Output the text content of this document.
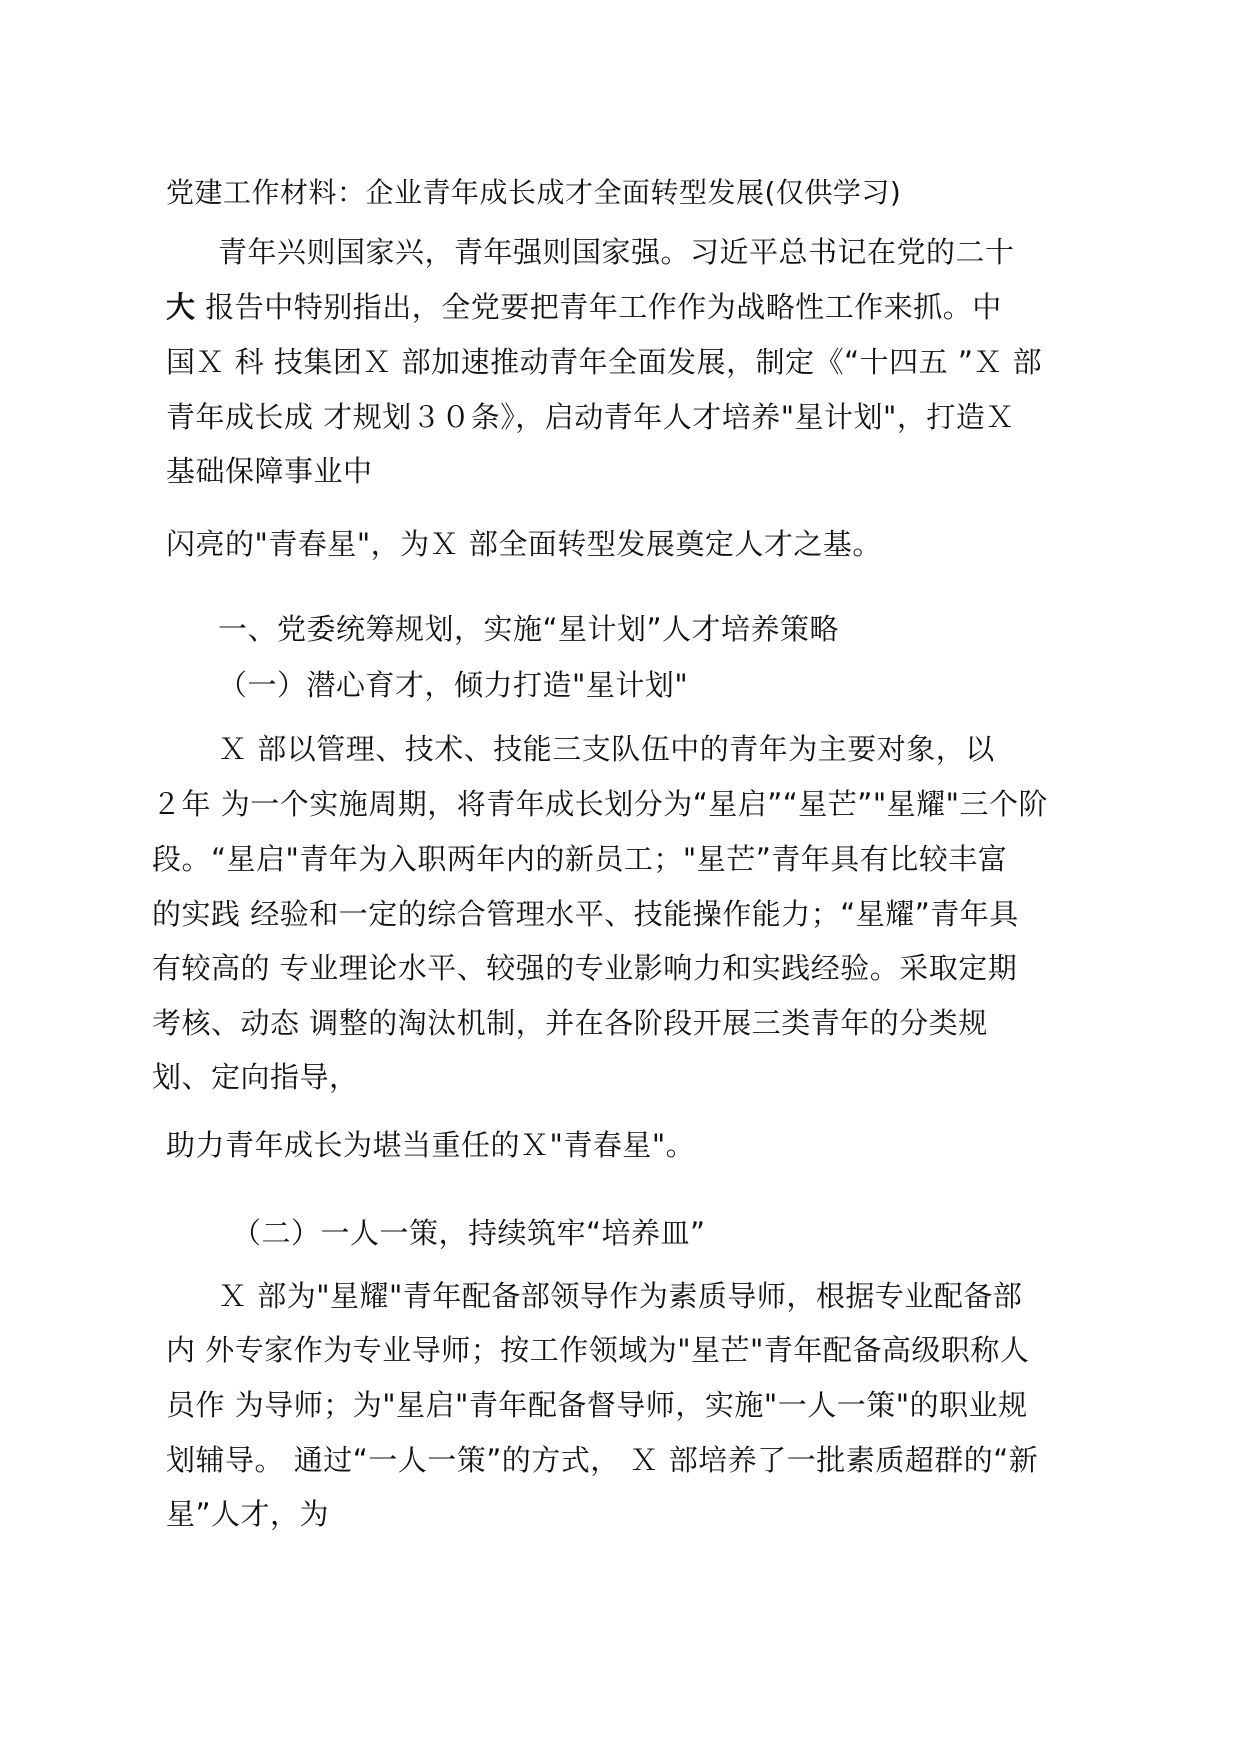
党建工作材料：企业青年成长成才全面转型发展(仅供学习)
青年兴则国家兴，青年强则国家强。习近平总书记在党的二十
大 报告中特别指出，全党要把青年工作作为战略性工作来抓。中
国Ｘ 科 技集团Ｘ 部加速推动青年全面发展，制定《“十四五 ”Ｘ 部
青年成长成 才规划３０条》，启动青年人才培养"星计划"，打造Ｘ
基础保障事业中
闪亮的"青春星"，为Ｘ 部全面转型发展奠定人才之基。
一、党委统筹规划，实施“星计划”人才培养策略
（一）潜心育才，倾力打造"星计划"
Ｘ 部以管理、技术、技能三支队伍中的青年为主要对象，以
２年 为一个实施周期，将青年成长划分为“星启”“星芒”"星耀"三个阶
段。“星启"青年为入职两年内的新员工；"星芒”青年具有比较丰富
的实践 经验和一定的综合管理水平、技能操作能力；“星耀”青年具
有较高的 专业理论水平、较强的专业影响力和实践经验。采取定期
考核、动态 调整的淘汰机制，并在各阶段开展三类青年的分类规
划、定向指导，
助力青年成长为堪当重任的Ｘ"青春星"。
（二）一人一策，持续筑牢“培养皿”
Ｘ 部为"星耀"青年配备部领导作为素质导师，根据专业配备部
内 外专家作为专业导师；按工作领域为"星芒"青年配备高级职称人
员作 为导师；为"星启"青年配备督导师，实施"一人一策"的职业规
划辅导。 通过“一人一策”的方式， Ｘ 部培养了一批素质超群的“新
星”人才，为
